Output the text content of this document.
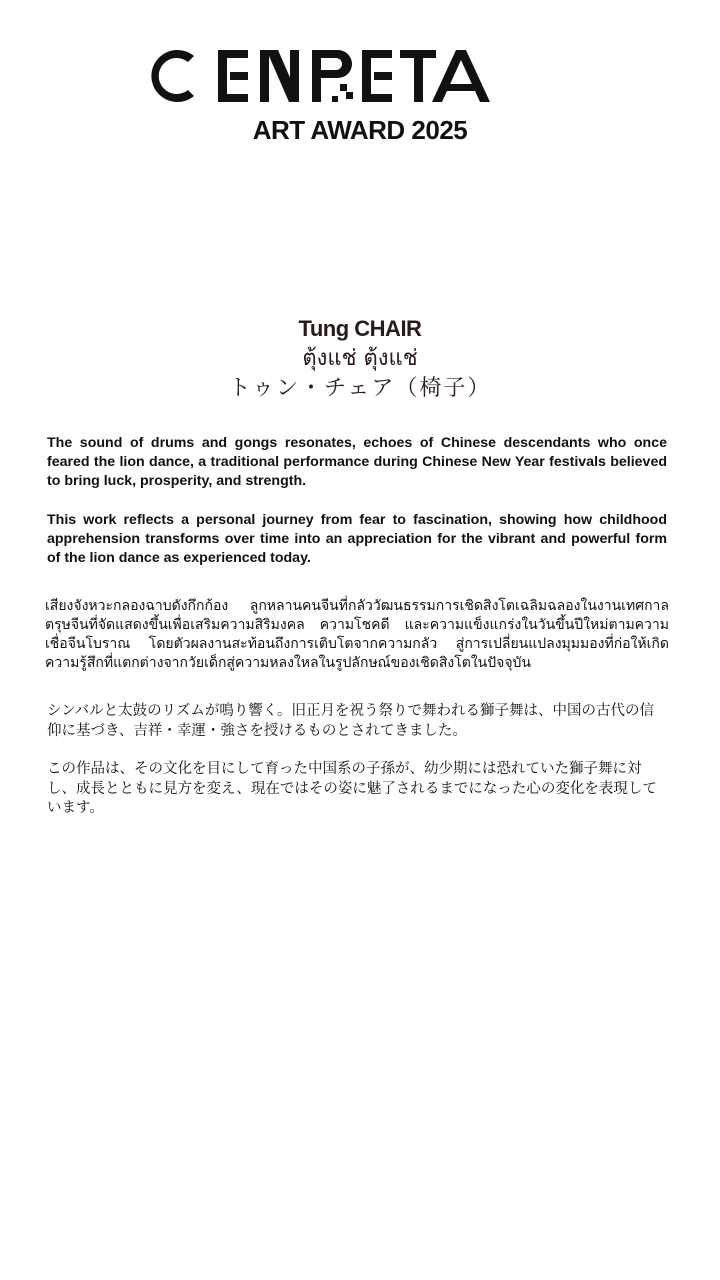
ART AWARD 2025
Tung CHAIR
ตุ้งแช่ ตุ้งแช่
トゥン・チェア（椅子）

The sound of drums and gongs resonates, echoes of Chinese descendants who once feared the lion dance, a traditional performance during Chinese New Year festivals believed to bring luck, prosperity, and strength.

This work reflects a personal journey from fear to fascination, showing how childhood apprehension transforms over time into an appreciation for the vibrant and powerful form of the lion dance as experienced today.

เสียงจังหวะกลองฉาบดังกึกก้อง ลูกหลานคนจีนที่กลัววัฒนธรรมการเชิดสิงโตเฉลิมฉลองในงานเทศกาลตรุษจีนที่จัดแสดงขึ้นเพื่อเสริมความสิริมงคล ความโชคดี และความแข็งแกร่งในวันขึ้นปีใหม่ตามความเชื่อจีนโบราณ โดยตัวผลงานสะท้อนถึงการเติบโตจากความกลัว สู่การเปลี่ยนแปลงมุมมองที่ก่อให้เกิดความรู้สึกที่แตกต่างจากวัยเด็กสู่ความหลงใหลในรูปลักษณ์ของเชิดสิงโตในปัจจุบัน

シンバルと太鼓のリズムが鳴り響く。旧正月を祝う祭りで舞われる獅子舞は、中国の古代の信仰に基づき、吉祥・幸運・強さを授けるものとされてきました。

この作品は、その文化を目にして育った中国系の子孫が、幼少期には恐れていた獅子舞に対し、成長とともに見方を変え、現在ではその姿に魅了されるまでになった心の変化を表現しています。
